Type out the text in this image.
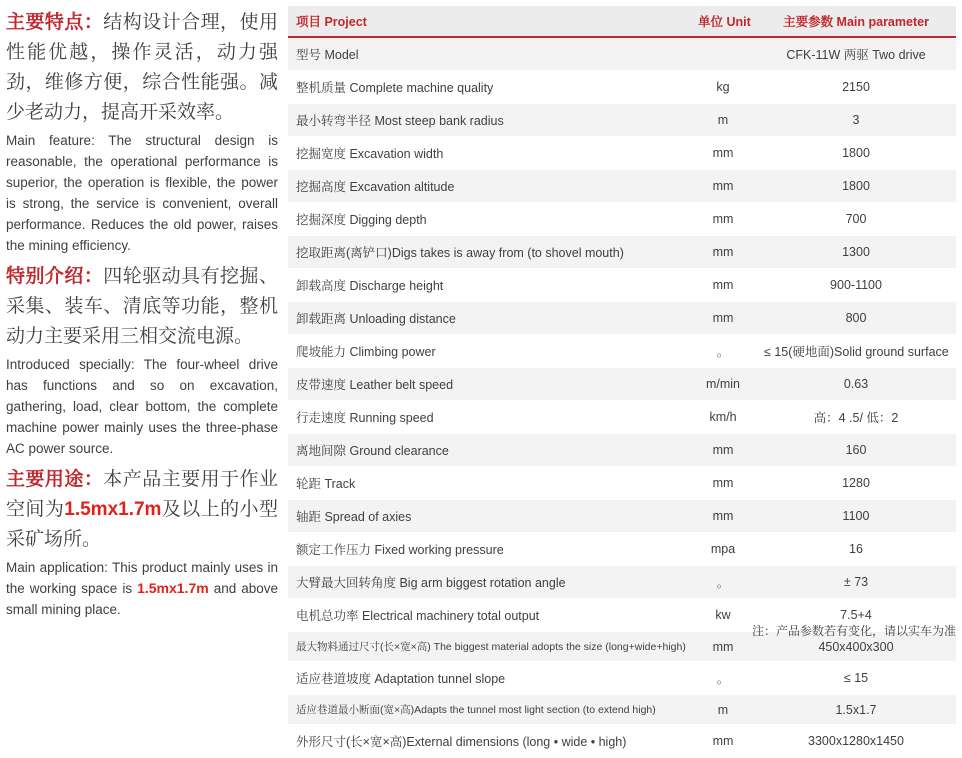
主要特点：结构设计合理，使用性能优越，操作灵活，动力强劲，维修方便，综合性能强。减少老动力，提高开采效率。

Main feature: The structural design is reasonable, the operational performance is superior, the operation is flexible, the power is strong, the service is convenient, overall performance. Reduces the old power, raises the mining efficiency.

特别介绍：四轮驱动具有挖掘、采集、装车、清底等功能，整机动力主要采用三相交流电源。

Introduced specially: The four-wheel drive has functions and so on excavation, gathering, load, clear bottom, the complete machine power mainly uses the three-phase AC power source.

主要用途：本产品主要用于作业空间为1.5mx1.7m及以上的小型采矿场所。

Main application: This product mainly uses in the working space is 1.5mx1.7m and above small mining place.

项目 Project	单位 Unit	主要参数 Main parameter
型号 Model		CFK-11W 两驱 Two drive
整机质量 Complete machine quality	kg	2150
最小转弯半径 Most steep bank radius	m	3
挖掘宽度 Excavation width	mm	1800
挖掘高度 Excavation altitude	mm	1800
挖掘深度 Digging depth	mm	700
挖取距离(离铲口)Digs takes is away from (to shovel mouth)	mm	1300
卸载高度 Discharge height	mm	900-1100
卸载距离 Unloading distance	mm	800
爬坡能力 Climbing power	。	≤ 15(硬地面)Solid ground surface
皮带速度 Leather belt speed	m/min	0.63
行走速度 Running speed	km/h	高：4 .5/ 低：2
离地间隙 Ground clearance	mm	160
轮距 Track	mm	1280
轴距 Spread of axies	mm	1100
额定工作压力 Fixed working pressure	mpa	16
大臂最大回转角度 Big arm biggest rotation angle	。	± 73
电机总功率 Electrical machinery total output	kw	7.5+4
最大物料通过尺寸(长×宽×高) The biggest material adopts the size (long+wide+high)	mm	450x400x300
适应巷道坡度 Adaptation tunnel slope	。	≤ 15
适应巷道最小断面(宽×高)Adapts the tunnel most light section (to extend high)	m	1.5x1.7
外形尺寸(长×宽×高)External dimensions (long • wide • high)	mm	3300x1280x1450
注：产品参数若有变化，请以实车为准
